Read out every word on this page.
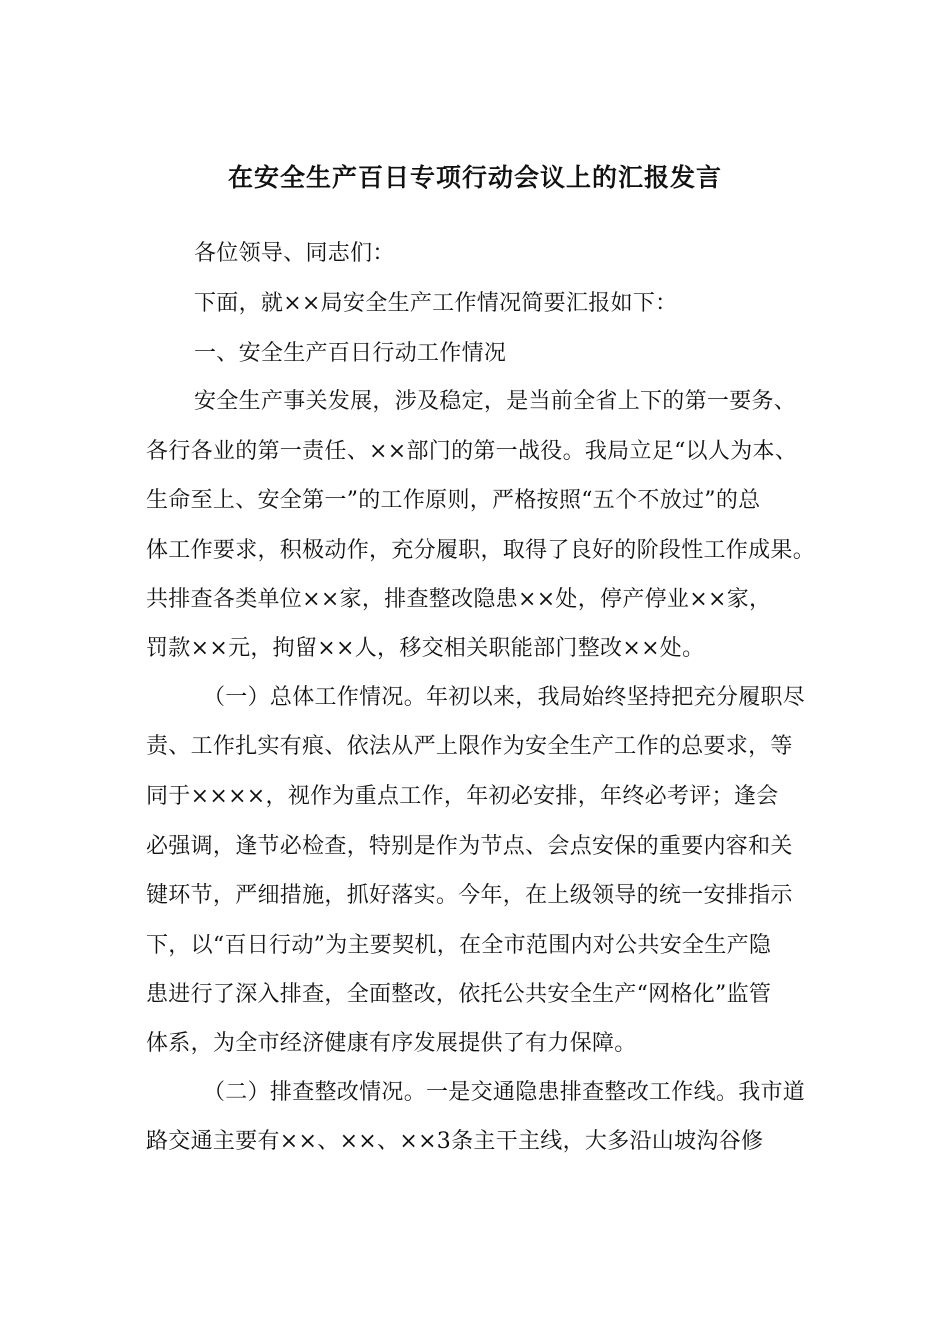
在安全生产百日专项行动会议上的汇报发言
各位领导、同志们：
下面，就××局安全生产工作情况简要汇报如下：
一、安全生产百日行动工作情况
安全生产事关发展，涉及稳定，是当前全省上下的第一要务、
各行各业的第一责任、××部门的第一战役。我局立足“以人为本、
生命至上、安全第一”的工作原则，严格按照“五个不放过”的总
体工作要求，积极动作，充分履职，取得了良好的阶段性工作成果。
共排查各类单位××家，排查整改隐患××处，停产停业××家，
罚款××元，拘留××人，移交相关职能部门整改××处。
（一）总体工作情况。年初以来，我局始终坚持把充分履职尽
责、工作扎实有痕、依法从严上限作为安全生产工作的总要求，等
同于××××，视作为重点工作，年初必安排，年终必考评；逢会
必强调，逢节必检查，特别是作为节点、会点安保的重要内容和关
键环节，严细措施，抓好落实。今年，在上级领导的统一安排指示
下，以“百日行动”为主要契机，在全市范围内对公共安全生产隐
患进行了深入排查，全面整改，依托公共安全生产“网格化”监管
体系，为全市经济健康有序发展提供了有力保障。
（二）排查整改情况。一是交通隐患排查整改工作线。我市道
路交通主要有××、××、××3条主干主线，大多沿山坡沟谷修
